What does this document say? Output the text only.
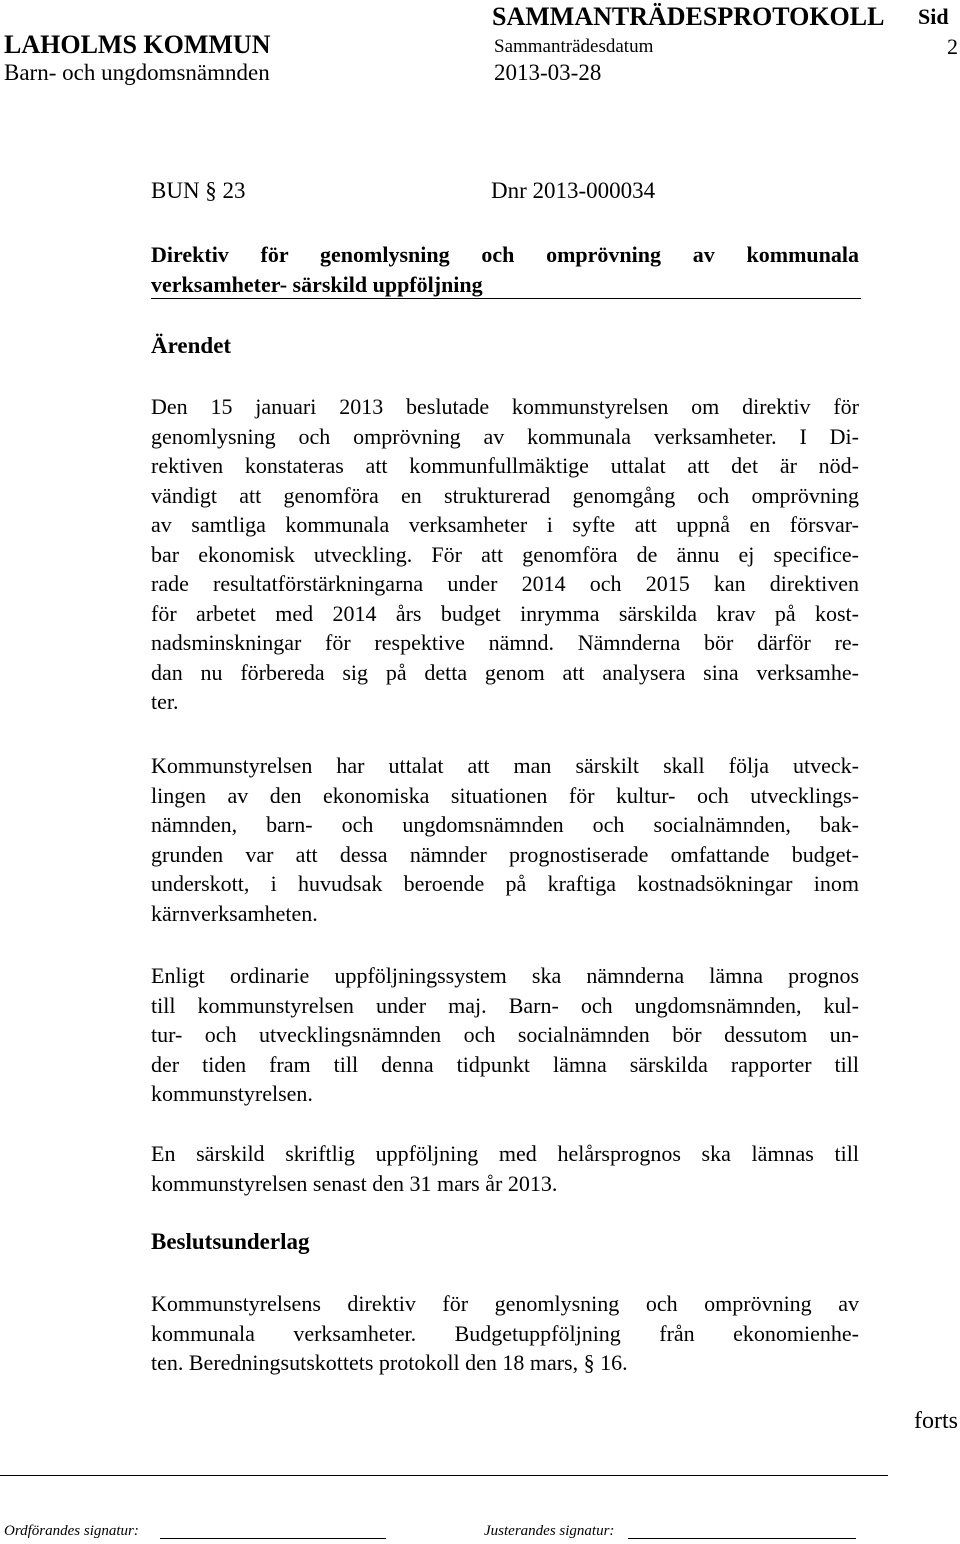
SAMMANTRÄDESPROTOKOLL Sid
LAHOLMS KOMMUN	Sammanträdesdatum	2
Barn- och ungdomsnämnden	2013-03-28
BUN § 23	Dnr 2013-000034
Direktiv för genomlysning och omprövning av kommunala
verksamheter- särskild uppföljning
Ärendet
Den 15 januari 2013 beslutade kommunstyrelsen om direktiv för
genomlysning och omprövning av kommunala verksamheter. I Di-
rektiven konstateras att kommunfullmäktige uttalat att det är nöd-
vändigt att genomföra en strukturerad genomgång och omprövning
av samtliga kommunala verksamheter i syfte att uppnå en försvar-
bar ekonomisk utveckling. För att genomföra de ännu ej specifice-
rade resultatförstärkningarna under 2014 och 2015 kan direktiven
för arbetet med 2014 års budget inrymma särskilda krav på kost-
nadsminskningar för respektive nämnd. Nämnderna bör därför re-
dan nu förbereda sig på detta genom att analysera sina verksamhe-
ter.
Kommunstyrelsen har uttalat att man särskilt skall följa utveck-
lingen av den ekonomiska situationen för kultur- och utvecklings-
nämnden, barn- och ungdomsnämnden och socialnämnden, bak-
grunden var att dessa nämnder prognostiserade omfattande budget-
underskott, i huvudsak beroende på kraftiga kostnadsökningar inom
kärnverksamheten.
Enligt ordinarie uppföljningssystem ska nämnderna lämna prognos
till kommunstyrelsen under maj. Barn- och ungdomsnämnden, kul-
tur- och utvecklingsnämnden och socialnämnden bör dessutom un-
der tiden fram till denna tidpunkt lämna särskilda rapporter till
kommunstyrelsen.
En särskild skriftlig uppföljning med helårsprognos ska lämnas till
kommunstyrelsen senast den 31 mars år 2013.
Beslutsunderlag
Kommunstyrelsens direktiv för genomlysning och omprövning av
kommunala verksamheter. Budgetuppföljning från ekonomienhe-
ten. Beredningsutskottets protokoll den 18 mars, § 16.
forts
Ordförandes signatur:	Justerandes signatur:
